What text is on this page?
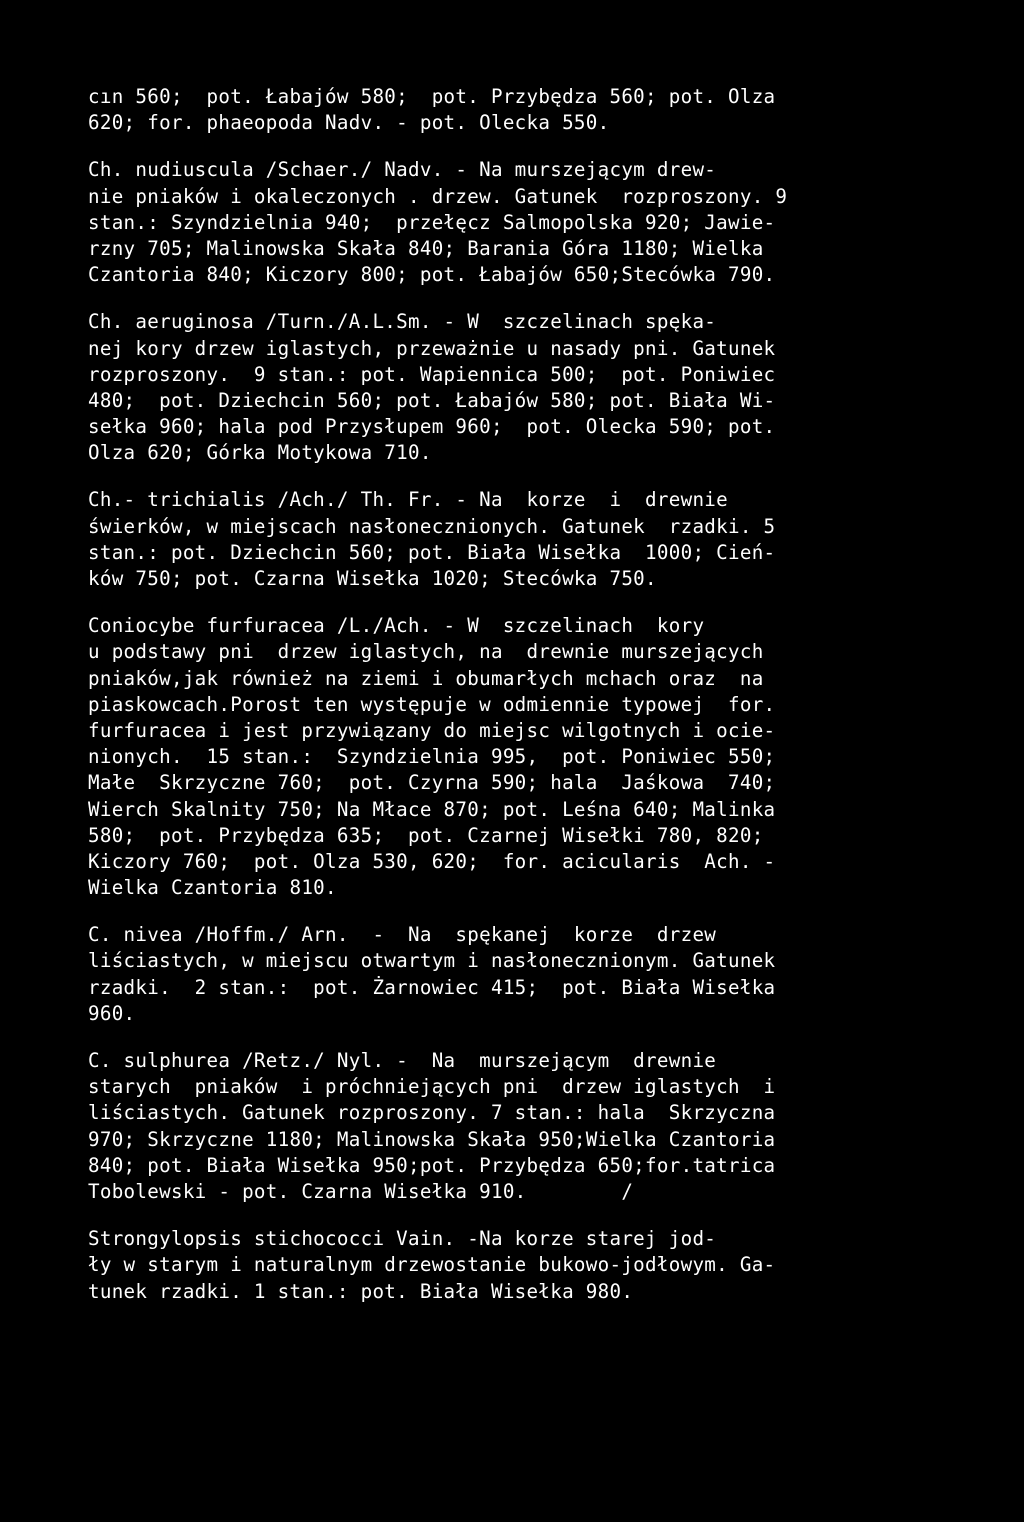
cın 560;  pot. Łabajów 580;  pot. Przybędza 560; pot. Olza
620; for. phaeopoda Nadv. - pot. Olecka 550.
Ch. nudiuscula /Schaer./ Nadv. - Na murszejącym drew-
nie pniaków i okaleczonych . drzew. Gatunek  rozproszony. 9
stan.: Szyndzielnia 940;  przełęcz Salmopolska 920; Jawie-
rzny 705; Malinowska Skała 840; Barania Góra 1180; Wielka
Czantoria 840; Kiczory 800; pot. Łabajów 650;Stecówka 790.
Ch. aeruginosa /Turn./A.L.Sm. - W  szczelinach spęka-
nej kory drzew iglastych, przeważnie u nasady pni. Gatunek
rozproszony.  9 stan.: pot. Wapiennica 500;  pot. Poniwiec
480;  pot. Dziechcin 560; pot. Łabajów 580; pot. Biała Wi-
sełka 960; hala pod Przysłupem 960;  pot. Olecka 590; pot.
Olza 620; Górka Motykowa 710.
Ch.- trichialis /Ach./ Th. Fr. - Na  korze  i  drewnie
świerków, w miejscach nasłonecznionych. Gatunek  rzadki. 5
stan.: pot. Dziechcin 560; pot. Biała Wisełka  1000; Cień-
ków 750; pot. Czarna Wisełka 1020; Stecówka 750.
Coniocybe furfuracea /L./Ach. - W  szczelinach  kory
u podstawy pni  drzew iglastych, na  drewnie murszejących
pniaków,jak również na ziemi i obumarłych mchach oraz  na
piaskowcach.Porost ten występuje w odmiennie typowej  for.
furfuracea i jest przywiązany do miejsc wilgotnych i ocie-
nionych.  15 stan.:  Szyndzielnia 995,  pot. Poniwiec 550;
Małe  Skrzyczne 760;  pot. Czyrna 590; hala  Jaśkowa  740;
Wierch Skalnity 750; Na Młace 870; pot. Leśna 640; Malinka
580;  pot. Przybędza 635;  pot. Czarnej Wisełki 780, 820;
Kiczory 760;  pot. Olza 530, 620;  for. acicularis  Ach. -
Wielka Czantoria 810.
C. nivea /Hoffm./ Arn.  -  Na  spękanej  korze  drzew
liściastych, w miejscu otwartym i nasłonecznionym. Gatunek
rzadki.  2 stan.:  pot. Żarnowiec 415;  pot. Biała Wisełka
960.
C. sulphurea /Retz./ Nyl. -  Na  murszejącym  drewnie
starych  pniaków  i próchniejących pni  drzew iglastych  i
liściastych. Gatunek rozproszony. 7 stan.: hala  Skrzyczna
970; Skrzyczne 1180; Malinowska Skała 950;Wielka Czantoria
840; pot. Biała Wisełka 950;pot. Przybędza 650;for.tatrica
Tobolewski - pot. Czarna Wisełka 910.        /
Strongylopsis stichococci Vain. -Na korze starej jod-
ły w starym i naturalnym drzewostanie bukowo-jodłowym. Ga-
tunek rzadki. 1 stan.: pot. Biała Wisełka 980.
